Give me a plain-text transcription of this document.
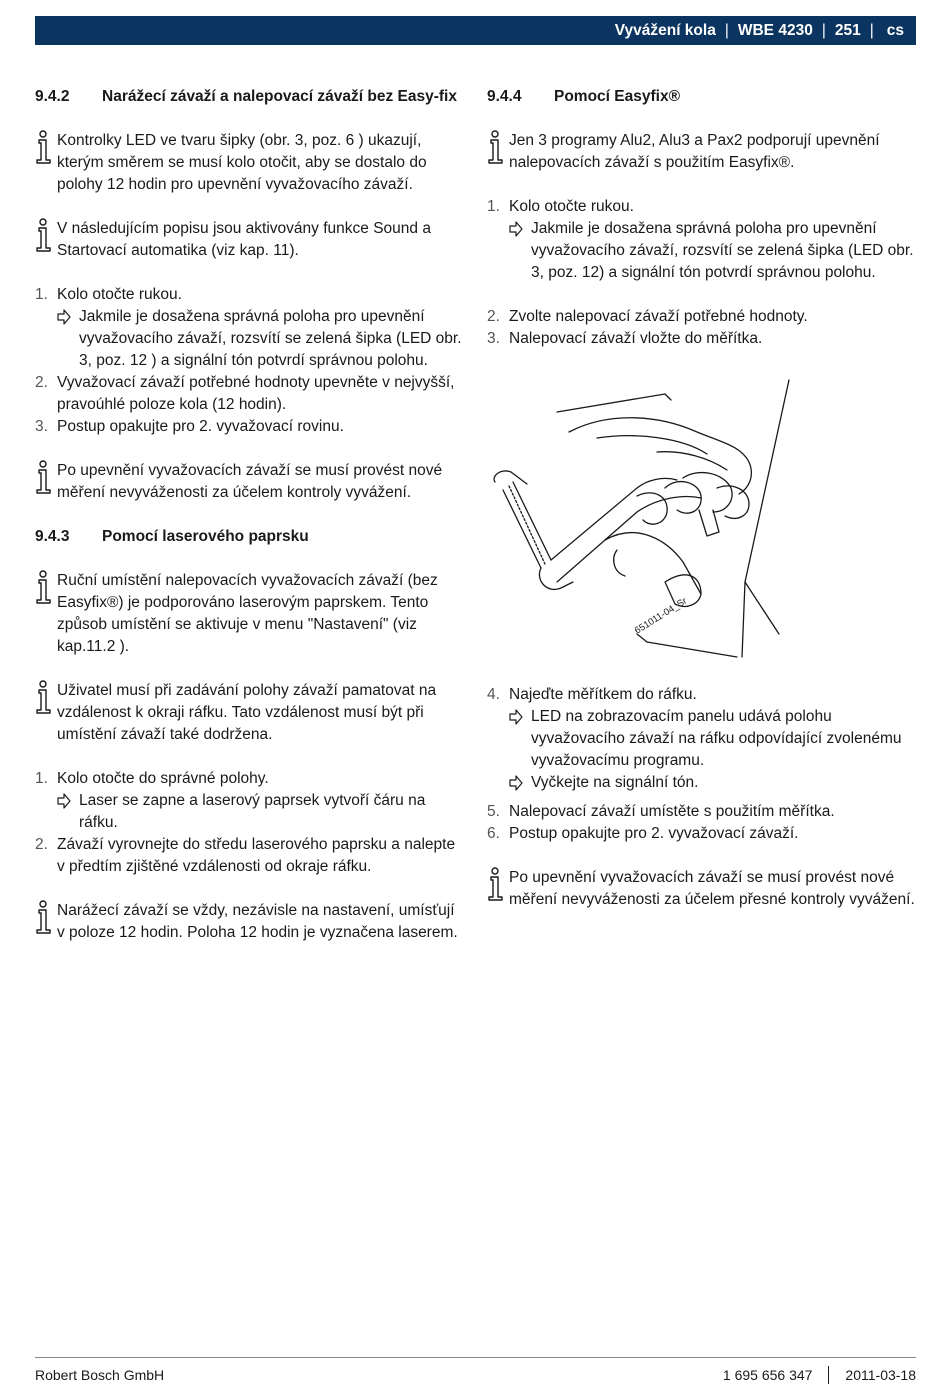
Vyvážení kola | WBE 4230 | 251 | cs
9.4.2	Narážecí závaží a nalepovací závaží bez Easy-fix
Kontrolky LED ve tvaru šipky (obr. 3, poz. 6 ) ukazují, kterým směrem se musí kolo otočit, aby se dostalo do polohy 12 hodin pro upevnění vyvažovacího závaží.
V následujícím popisu jsou aktivovány funkce Sound a Startovací automatika (viz kap. 11).
1. Kolo otočte rukou.
Jakmile je dosažena správná poloha pro upevnění vyvažovacího závaží, rozsvítí se zelená šipka (LED obr. 3, poz. 12 ) a signální tón potvrdí správnou polohu.
2. Vyvažovací závaží potřebné hodnoty upevněte v nejvyšší, pravoúhlé poloze kola (12 hodin).
3. Postup opakujte pro 2. vyvažovací rovinu.
Po upevnění vyvažovacích závaží se musí provést nové měření nevyváženosti za účelem kontroly vyvážení.
9.4.3	Pomocí laserového paprsku
Ruční umístění nalepovacích vyvažovacích závaží (bez Easyfix®) je podporováno laserovým paprskem. Tento způsob umístění se aktivuje v menu "Nastavení" (viz kap.11.2 ).
Uživatel musí při zadávání polohy závaží pamatovat na vzdálenost k okraji ráfku. Tato vzdálenost musí být při umístění závaží také dodržena.
1. Kolo otočte do správné polohy.
Laser se zapne a laserový paprsek vytvoří čáru na ráfku.
2. Závaží vyrovnejte do středu laserového paprsku a nalepte v předtím zjištěné vzdálenosti od okraje ráfku.
Narážecí závaží se vždy, nezávisle na nastavení, umísťují v poloze 12 hodin. Poloha 12 hodin je vyznačena laserem.
9.4.4	Pomocí Easyfix®
Jen 3 programy Alu2, Alu3 a Pax2 podporují upevnění nalepovacích závaží s použitím Easyfix®.
1. Kolo otočte rukou.
Jakmile je dosažena správná poloha pro upevnění vyvažovacího závaží, rozsvítí se zelená šipka (LED obr. 3, poz. 12) a signální tón potvrdí správnou polohu.
2. Zvolte nalepovací závaží potřebné hodnoty.
3. Nalepovací závaží vložte do měřítka.
651011-04_Sr
4. Najeďte měřítkem do ráfku.
LED na zobrazovacím panelu udává polohu vyvažovacího závaží na ráfku odpovídající zvolenému vyvažovacímu programu.
Vyčkejte na signální tón.
5. Nalepovací závaží umístěte s použitím měřítka.
6. Postup opakujte pro 2. vyvažovací závaží.
Po upevnění vyvažovacích závaží se musí provést nové měření nevyváženosti za účelem přesné kontroly vyvážení.
Robert Bosch GmbH	1 695 656 347 2011-03-18
